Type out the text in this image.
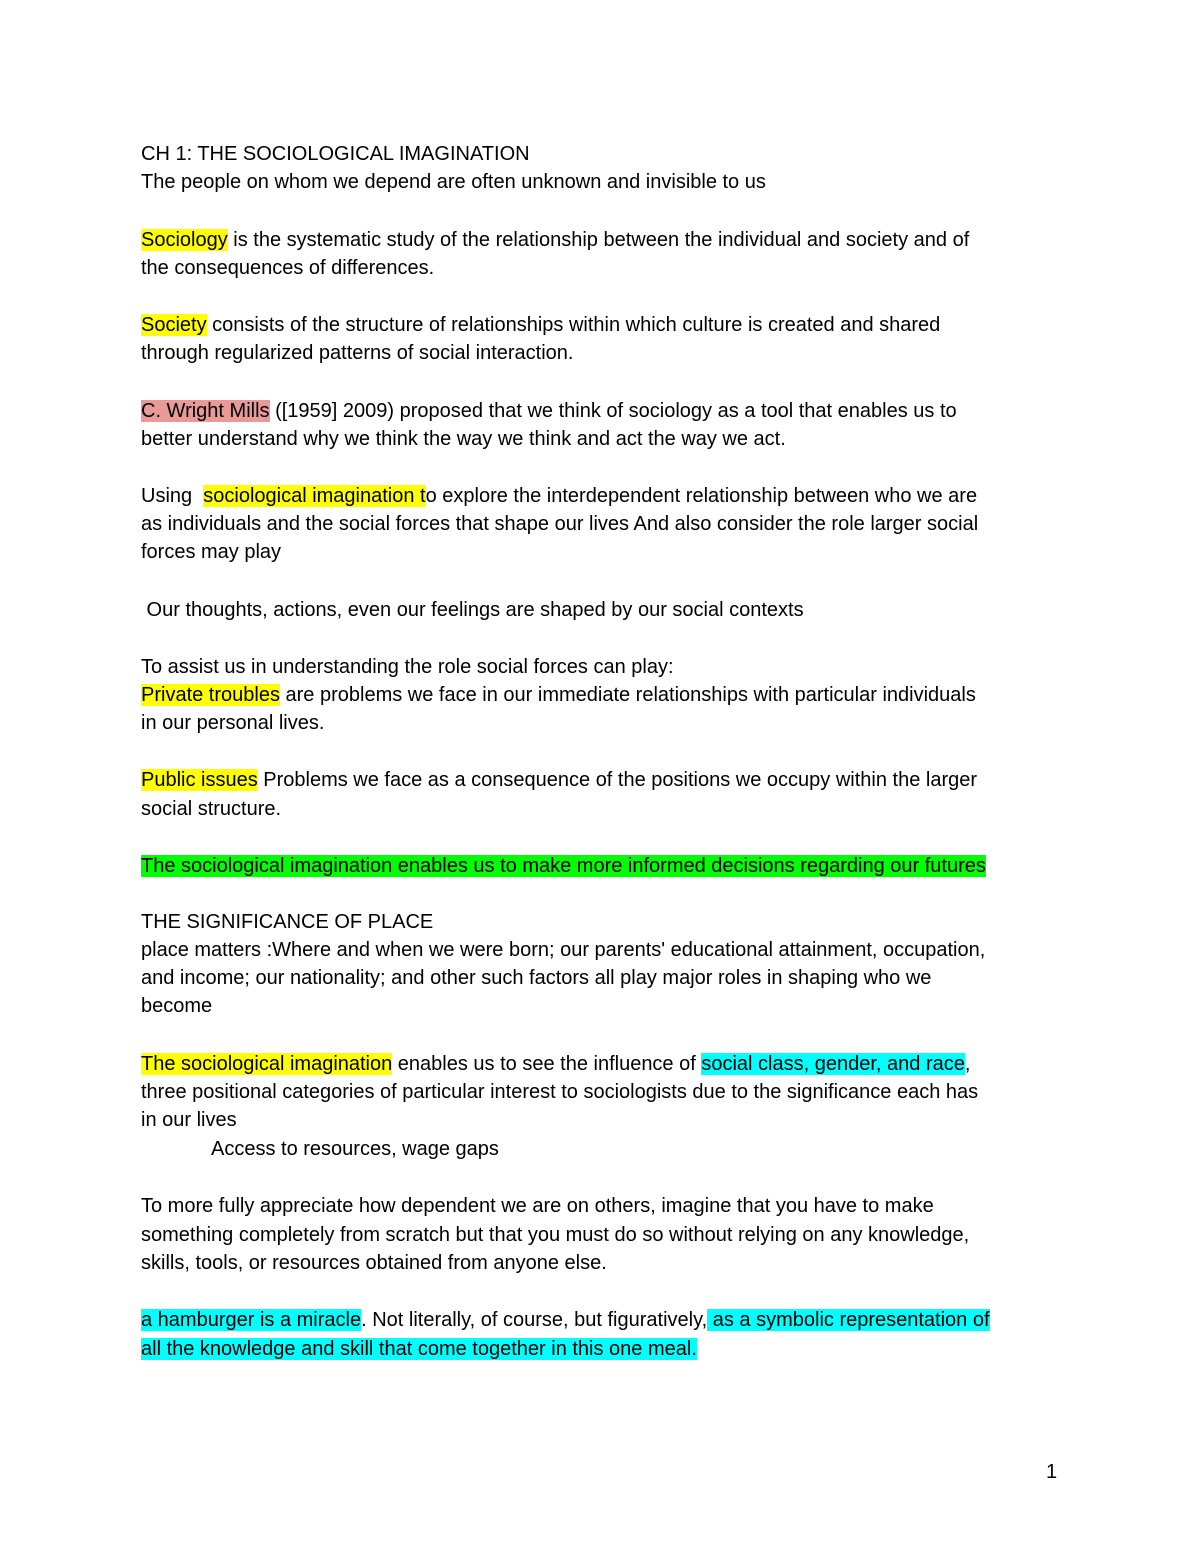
CH 1: THE SOCIOLOGICAL IMAGINATION
The people on whom we depend are often unknown and invisible to us
Sociology is the systematic study of the relationship between the individual and society and of
the consequences of differences.
Society consists of the structure of relationships within which culture is created and shared
through regularized patterns of social interaction.
C. Wright Mills ([1959] 2009) proposed that we think of sociology as a tool that enables us to
better understand why we think the way we think and act the way we act.
Using  sociological imagination to explore the interdependent relationship between who we are
as individuals and the social forces that shape our lives And also consider the role larger social
forces may play
Our thoughts, actions, even our feelings are shaped by our social contexts
To assist us in understanding the role social forces can play:
Private troubles are problems we face in our immediate relationships with particular individuals
in our personal lives.
Public issues Problems we face as a consequence of the positions we occupy within the larger
social structure.
The sociological imagination enables us to make more informed decisions regarding our futures
THE SIGNIFICANCE OF PLACE
place matters :Where and when we were born; our parents' educational attainment, occupation,
and income; our nationality; and other such factors all play major roles in shaping who we
become
The sociological imagination enables us to see the influence of social class, gender, and race,
three positional categories of particular interest to sociologists due to the significance each has
in our lives
Access to resources, wage gaps
To more fully appreciate how dependent we are on others, imagine that you have to make
something completely from scratch but that you must do so without relying on any knowledge,
skills, tools, or resources obtained from anyone else.
a hamburger is a miracle. Not literally, of course, but figuratively, as a symbolic representation of
all the knowledge and skill that come together in this one meal.
1
